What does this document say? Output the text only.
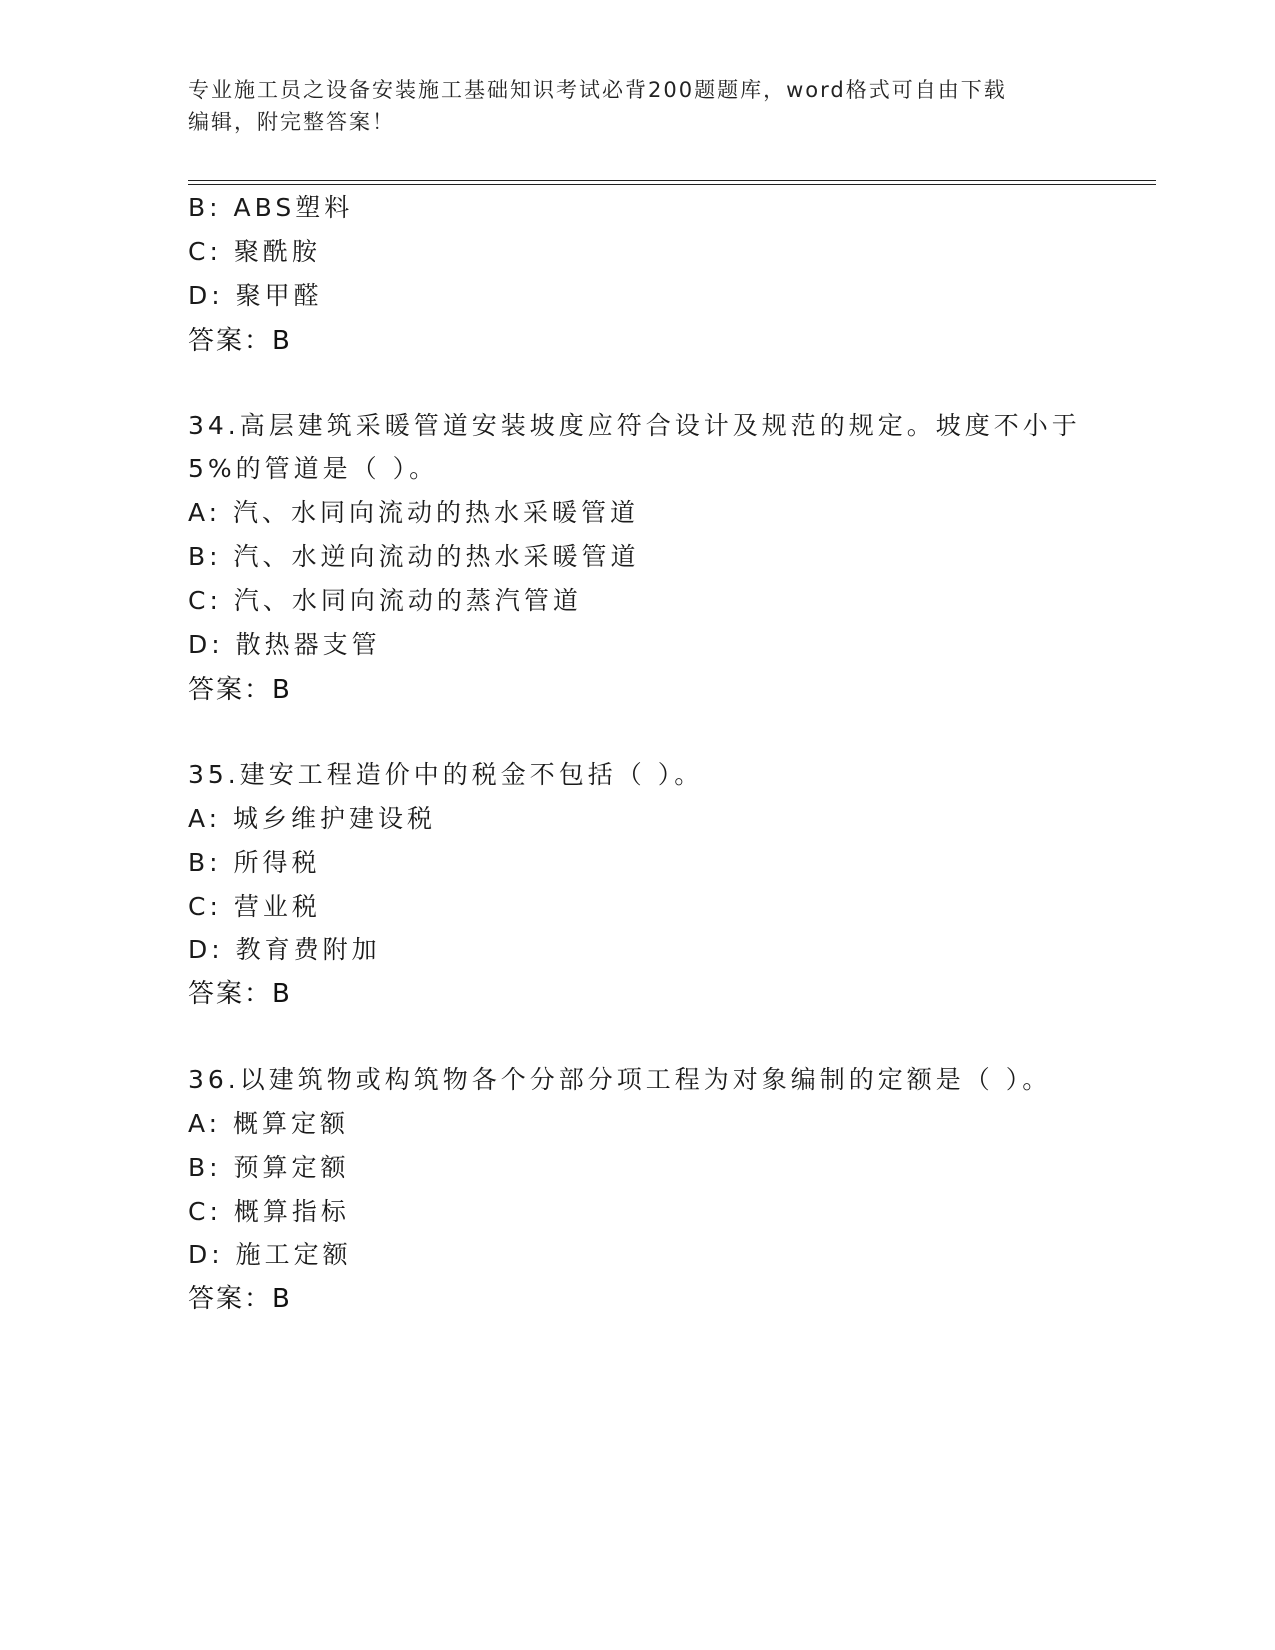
专业施工员之设备安装施工基础知识考试必背200题题库，word格式可自由下载
编辑，附完整答案！
B: ABS塑料
C: 聚酰胺
D: 聚甲醛
答案：B
34.高层建筑采暖管道安装坡度应符合设计及规范的规定。坡度不小于
5%的管道是（ ）。
A: 汽、水同向流动的热水采暖管道
B: 汽、水逆向流动的热水采暖管道
C: 汽、水同向流动的蒸汽管道
D: 散热器支管
答案：B
35.建安工程造价中的税金不包括（ ）。
A: 城乡维护建设税
B: 所得税
C: 营业税
D: 教育费附加
答案：B
36.以建筑物或构筑物各个分部分项工程为对象编制的定额是（ ）。
A: 概算定额
B: 预算定额
C: 概算指标
D: 施工定额
答案：B
